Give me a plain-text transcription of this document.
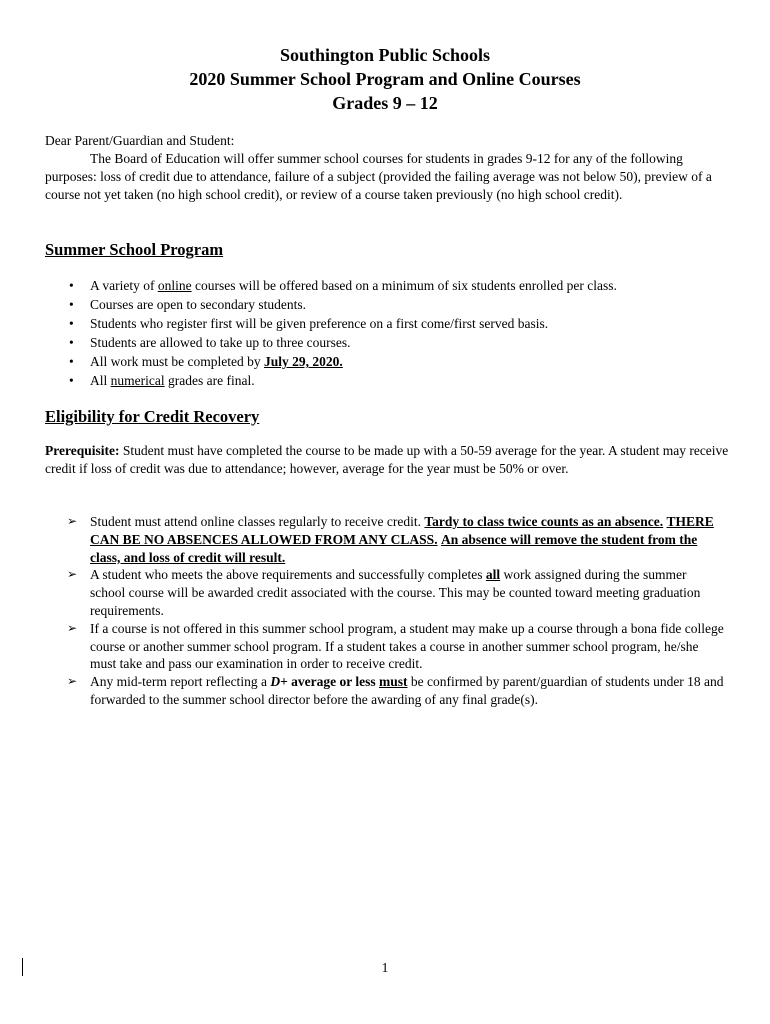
Southington Public Schools
2020 Summer School Program and Online Courses
Grades 9 – 12
Dear Parent/Guardian and Student:
The Board of Education will offer summer school courses for students in grades 9-12 for any of the following purposes: loss of credit due to attendance, failure of a subject (provided the failing average was not below 50), preview of a course not yet taken (no high school credit), or review of a course taken previously (no high school credit).
Summer School Program
• A variety of online courses will be offered based on a minimum of six students enrolled per class.
• Courses are open to secondary students.
• Students who register first will be given preference on a first come/first served basis.
• Students are allowed to take up to three courses.
• All work must be completed by July 29, 2020.
• All numerical grades are final.
Eligibility for Credit Recovery
Prerequisite: Student must have completed the course to be made up with a 50-59 average for the year. A student may receive credit if loss of credit was due to attendance; however, average for the year must be 50% or over.
➢ Student must attend online classes regularly to receive credit. Tardy to class twice counts as an absence. THERE CAN BE NO ABSENCES ALLOWED FROM ANY CLASS. An absence will remove the student from the class, and loss of credit will result.
➢ A student who meets the above requirements and successfully completes all work assigned during the summer school course will be awarded credit associated with the course. This may be counted toward meeting graduation requirements.
➢ If a course is not offered in this summer school program, a student may make up a course through a bona fide college course or another summer school program. If a student takes a course in another summer school program, he/she must take and pass our examination in order to receive credit.
➢ Any mid-term report reflecting a D+ average or less must be confirmed by parent/guardian of students under 18 and forwarded to the summer school director before the awarding of any final grade(s).
1
